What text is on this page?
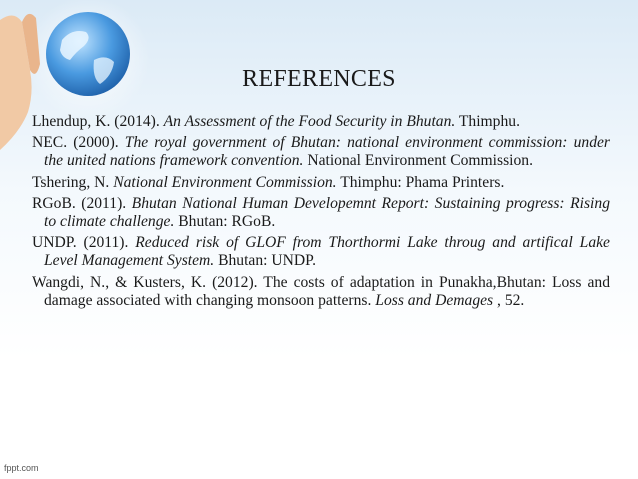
REFERENCES

Lhendup, K. (2014). An Assessment of the Food Security in Bhutan. Thimphu.

NEC. (2000). The royal government of Bhutan: national environment commission: under the united nations framework convention. National Environment Commission.

Tshering, N. National Environment Commission. Thimphu: Phama Printers.

RGoB. (2011). Bhutan National Human Developemnt Report: Sustaining progress: Rising to climate challenge. Bhutan: RGoB.

UNDP. (2011). Reduced risk of GLOF from Thorthormi Lake throug and artifical Lake Level Management System. Bhutan: UNDP.

Wangdi, N., & Kusters, K. (2012). The costs of adaptation in Punakha,Bhutan: Loss and damage associated with changing monsoon patterns. Loss and Demages , 52.

fppt.com
